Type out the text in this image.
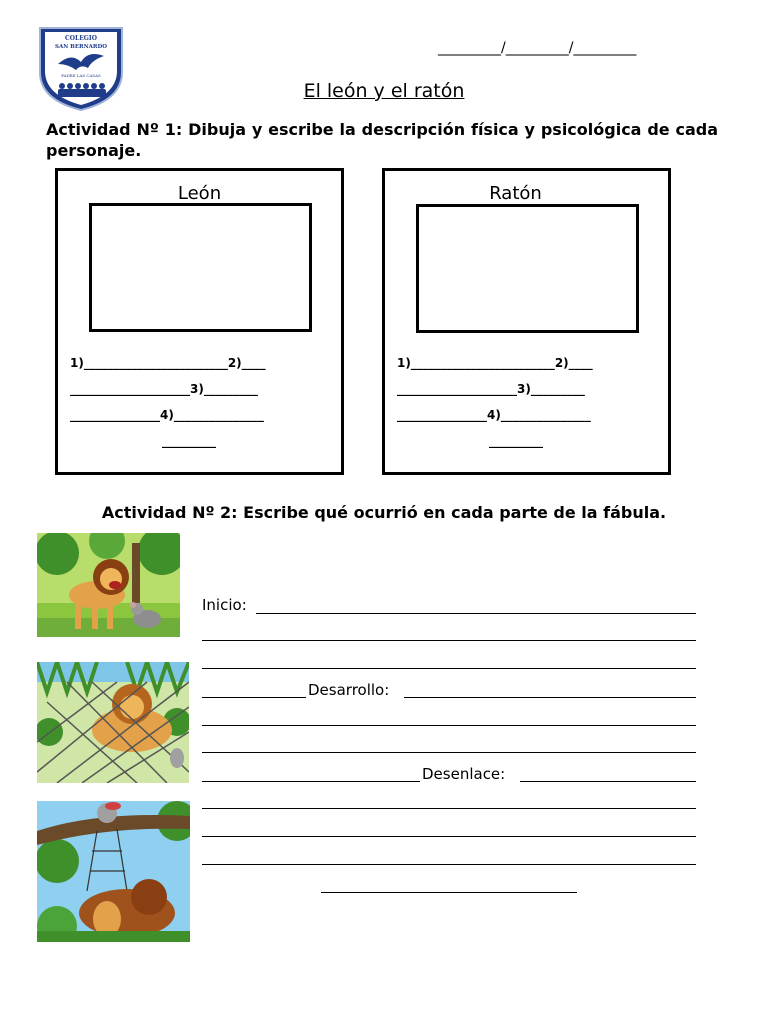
COLEGIO
SAN BERNARDO
PADRE LAS CASAS
_________/_________/_________
El león y el ratón
Actividad Nº 1: Dibuja y escribe la descripción física y psicológica de cada personaje.
León
1)________________________2)____
____________________3)_________
_______________4)_______________
_________
Ratón
1)________________________2)____
____________________3)_________
_______________4)_______________
_________
Actividad Nº 2: Escribe qué ocurrió en cada parte de la fábula.
Inicio:
Desarrollo:
Desenlace:
